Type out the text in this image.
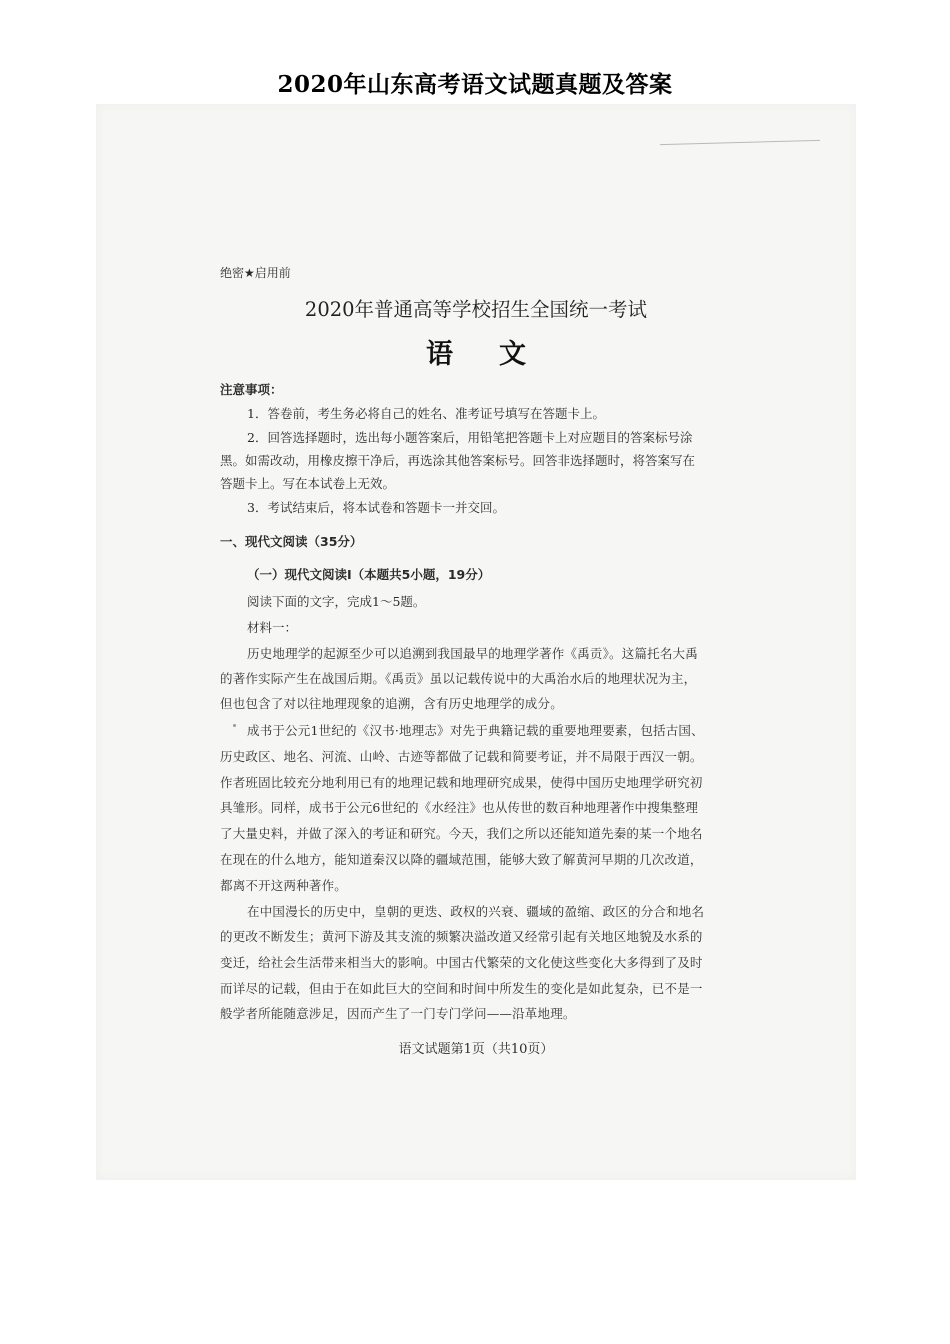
2020年山东高考语文试题真题及答案
绝密★启用前
2020年普通高等学校招生全国统一考试
语文
注意事项：
1．答卷前，考生务必将自己的姓名、准考证号填写在答题卡上。
2．回答选择题时，选出每小题答案后，用铅笔把答题卡上对应题目的答案标号涂
黑。如需改动，用橡皮擦干净后，再选涂其他答案标号。回答非选择题时，将答案写在
答题卡上。写在本试卷上无效。
3．考试结束后，将本试卷和答题卡一并交回。
一、现代文阅读（35分）
（一）现代文阅读Ⅰ（本题共5小题，19分）
阅读下面的文字，完成1～5题。
材料一：
历史地理学的起源至少可以追溯到我国最早的地理学著作《禹贡》。这篇托名大禹
的著作实际产生在战国后期。《禹贡》虽以记载传说中的大禹治水后的地理状况为主，
但也包含了对以往地理现象的追溯，含有历史地理学的成分。
成书于公元1世纪的《汉书·地理志》对先于典籍记载的重要地理要素，包括古国、
历史政区、地名、河流、山岭、古迹等都做了记载和简要考证，并不局限于西汉一朝。
作者班固比较充分地利用已有的地理记载和地理研究成果，使得中国历史地理学研究初
具雏形。同样，成书于公元6世纪的《水经注》也从传世的数百种地理著作中搜集整理
了大量史料，并做了深入的考证和研究。今天，我们之所以还能知道先秦的某一个地名
在现在的什么地方，能知道秦汉以降的疆域范围，能够大致了解黄河早期的几次改道，
都离不开这两种著作。
在中国漫长的历史中，皇朝的更迭、政权的兴衰、疆域的盈缩、政区的分合和地名
的更改不断发生；黄河下游及其支流的频繁决溢改道又经常引起有关地区地貌及水系的
变迁，给社会生活带来相当大的影响。中国古代繁荣的文化使这些变化大多得到了及时
而详尽的记载，但由于在如此巨大的空间和时间中所发生的变化是如此复杂，已不是一
般学者所能随意涉足，因而产生了一门专门学问——沿革地理。
语文试题第1页（共10页）
